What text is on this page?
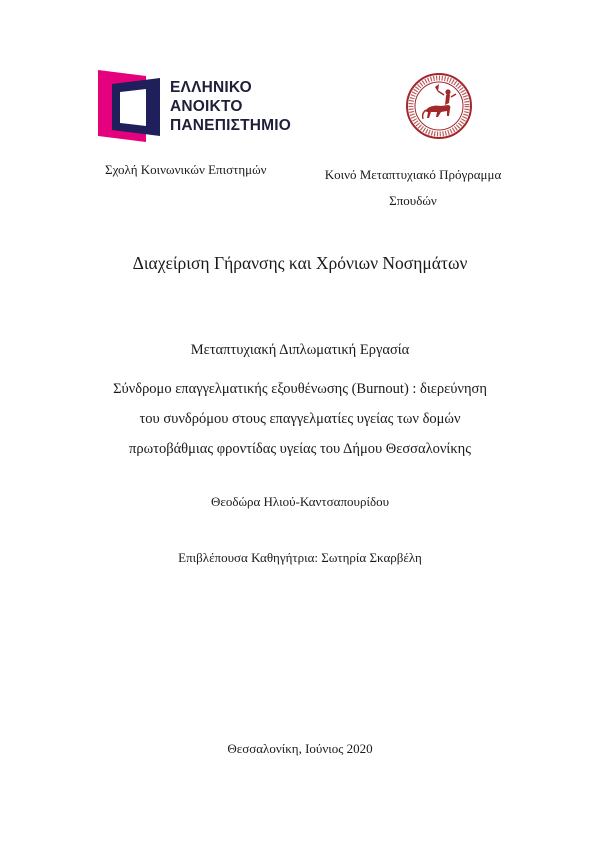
ΕΛΛΗΝΙΚΟ
ΑΝΟΙΚΤΟ
ΠΑΝΕΠΙΣΤΗΜΙΟ
Σχολή Κοινωνικών Επιστημών	Κοινό Μεταπτυχιακό Πρόγραμμα
Σπουδών
Διαχείριση Γήρανσης και Χρόνιων Νοσημάτων
Μεταπτυχιακή Διπλωματική Εργασία
Σύνδρομο επαγγελματικής εξουθένωσης (Burnout) : διερεύνηση
του συνδρόμου στους επαγγελματίες υγείας των δομών
πρωτοβάθμιας φροντίδας υγείας του Δήμου Θεσσαλονίκης
Θεοδώρα Ηλιού-Καντσαπουρίδου
Επιβλέπουσα Καθηγήτρια: Σωτηρία Σκαρβέλη
Θεσσαλονίκη, Ιούνιος 2020
